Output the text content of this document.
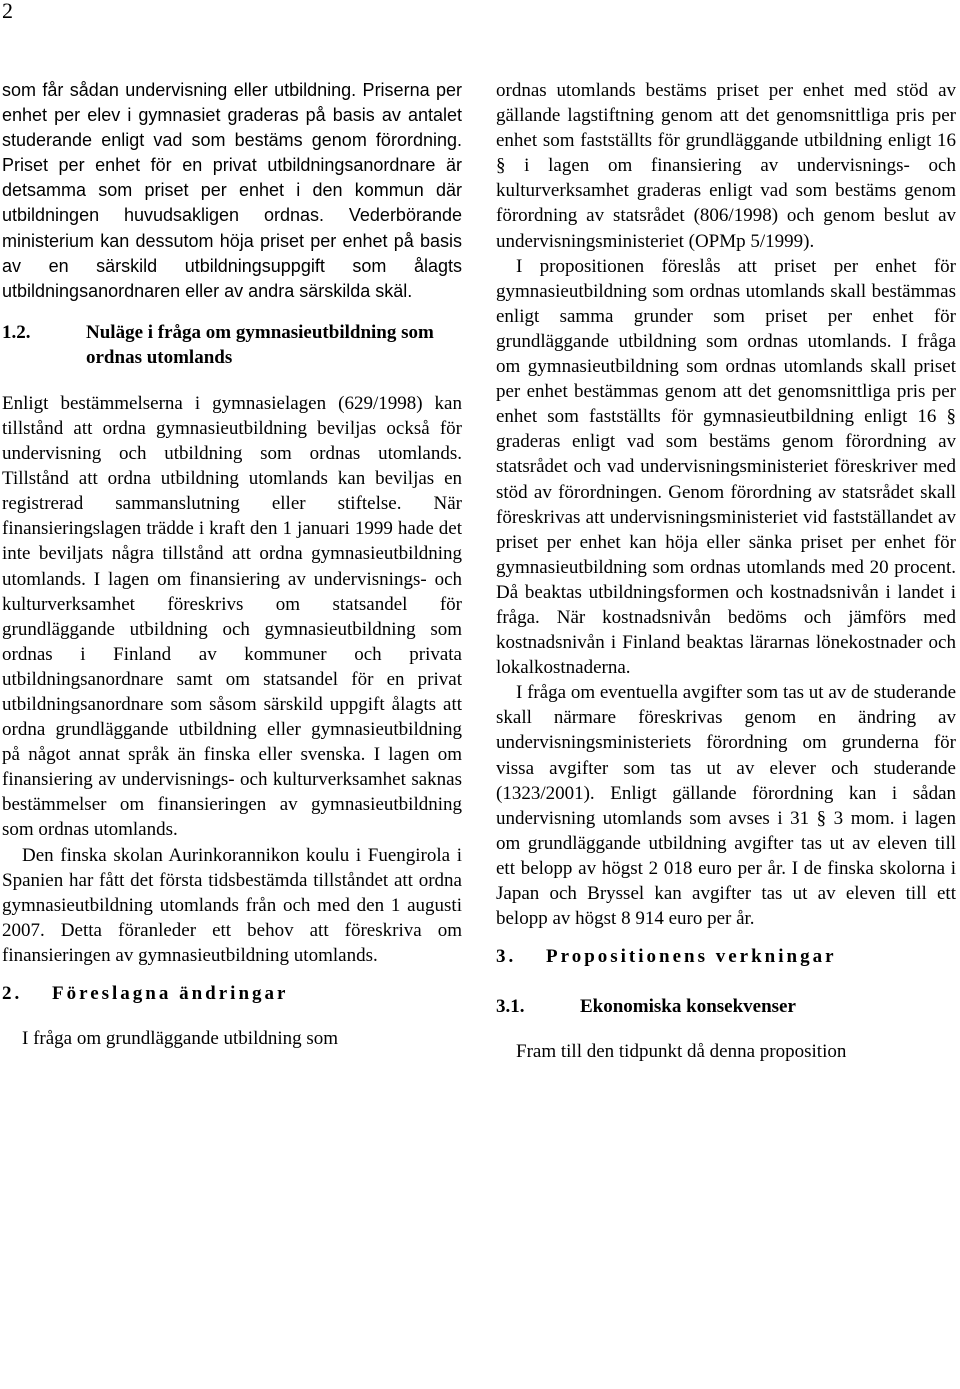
2

som får sådan undervisning eller utbildning. Priserna per enhet per elev i gymnasiet graderas på basis av antalet studerande enligt vad som bestäms genom förordning. Priset per enhet för en privat utbildningsanordnare är detsamma som priset per enhet i den kommun där utbildningen huvudsakligen ordnas. Vederbörande ministerium kan dessutom höja priset per enhet på basis av en särskild utbildningsuppgift som ålagts utbildningsanordnaren eller av andra särskilda skäl.

1.2.	Nuläge i fråga om gymnasieutbildning som ordnas utomlands

Enligt bestämmelserna i gymnasielagen (629/1998) kan tillstånd att ordna gymnasieutbildning beviljas också för undervisning och utbildning som ordnas utomlands. Tillstånd att ordna utbildning utomlands kan beviljas en registrerad sammanslutning eller stiftelse. När finansieringslagen trädde i kraft den 1 januari 1999 hade det inte beviljats några tillstånd att ordna gymnasieutbildning utomlands. I lagen om finansiering av undervisnings- och kulturverksamhet föreskrivs om statsandel för grundläggande utbildning och gymnasieutbildning som ordnas i Finland av kommuner och privata utbildningsanordnare samt om statsandel för en privat utbildningsanordnare som såsom särskild uppgift ålagts att ordna grundläggande utbildning eller gymnasieutbildning på något annat språk än finska eller svenska. I lagen om finansiering av undervisnings- och kulturverksamhet saknas bestämmelser om finansieringen av gymnasieutbildning som ordnas utomlands.

Den finska skolan Aurinkorannikon koulu i Fuengirola i Spanien har fått det första tidsbestämda tillståndet att ordna gymnasieutbildning utomlands från och med den 1 augusti 2007. Detta föranleder ett behov att föreskriva om finansieringen av gymnasieutbildning utomlands.

2. Föreslagna ändringar

I fråga om grundläggande utbildning som

ordnas utomlands bestäms priset per enhet med stöd av gällande lagstiftning genom att det genomsnittliga pris per enhet som fastställts för grundläggande utbildning enligt 16 § i lagen om finansiering av undervisnings- och kulturverksamhet graderas enligt vad som bestäms genom förordning av statsrådet (806/1998) och genom beslut av undervisningsministeriet (OPMp 5/1999).

I propositionen föreslås att priset per enhet för gymnasieutbildning som ordnas utomlands skall bestämmas enligt samma grunder som priset per enhet för grundläggande utbildning som ordnas utomlands. I fråga om gymnasieutbildning som ordnas utomlands skall priset per enhet bestämmas genom att det genomsnittliga pris per enhet som fastställts för gymnasieutbildning enligt 16 § graderas enligt vad som bestäms genom förordning av statsrådet och vad undervisningsministeriet föreskriver med stöd av förordningen. Genom förordning av statsrådet skall föreskrivas att undervisningsministeriet vid fastställandet av priset per enhet kan höja eller sänka priset per enhet för gymnasieutbildning som ordnas utomlands med 20 procent. Då beaktas utbildningsformen och kostnadsnivån i landet i fråga. När kostnadsnivån bedöms och jämförs med kostnadsnivån i Finland beaktas lärarnas lönekostnader och lokalkostnaderna.

I fråga om eventuella avgifter som tas ut av de studerande skall närmare föreskrivas genom en ändring av undervisningsministeriets förordning om grunderna för vissa avgifter som tas ut av elever och studerande (1323/2001). Enligt gällande förordning kan i sådan undervisning utomlands som avses i 31 § 3 mom. i lagen om grundläggande utbildning avgifter tas ut av eleven till ett belopp av högst 2 018 euro per år. I de finska skolorna i Japan och Bryssel kan avgifter tas ut av eleven till ett belopp av högst 8 914 euro per år.

3. Propositionens verkningar
3.1.	Ekonomiska konsekvenser

Fram till den tidpunkt då denna proposition
